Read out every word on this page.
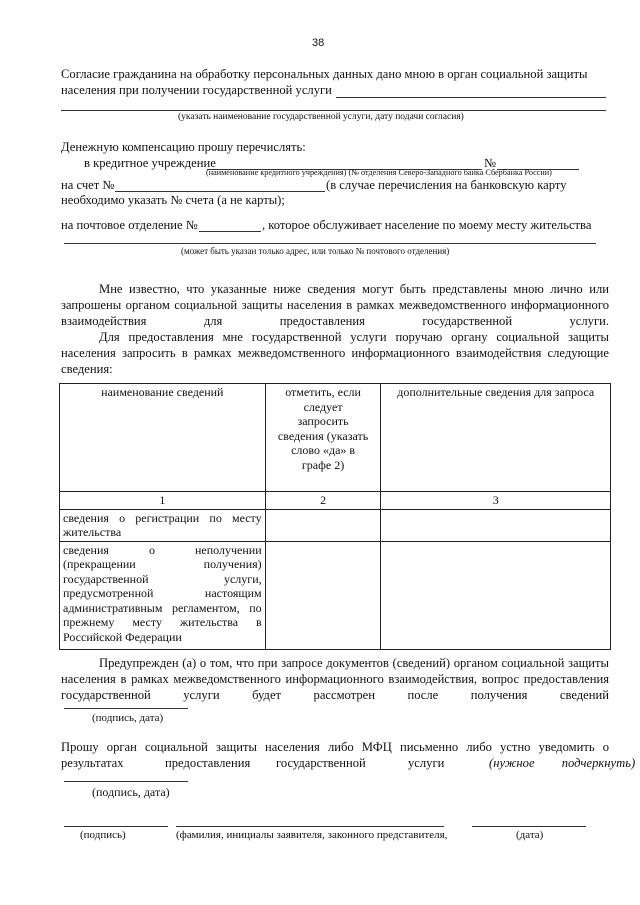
38
Согласие гражданина на обработку персональных данных дано мною в орган социальной защиты
населения при получении государственной услуги
(указать наименование государственной услуги, дату подачи согласия)
Денежную компенсацию прошу перечислять:
в кредитное учреждение	№
(наименование кредитного учреждения) (№ отделения Северо-Западного банка Сбербанка России)
на счет №	(в случае перечисления на банковскую карту
необходимо указать № счета (а не карты);
на почтовое отделение №	, которое обслуживает население по моему месту жительства
(может быть указан только адрес, или только № почтового отделения)
Мне известно, что указанные ниже сведения могут быть представлены мною лично или запрошены органом социальной защиты населения в рамках межведомственного информационного взаимодействия для предоставления государственной услуги.
Для предоставления мне государственной услуги поручаю органу социальной защиты населения запросить в рамках межведомственного информационного взаимодействия следующие сведения:
наименование сведений	отметить, если следует запросить сведения (указать слово «да» в графе 2)	дополнительные сведения для запроса
1	2	3
сведения о регистрации по месту жительства		
сведения о неполучении (прекращении получения) государственной услуги, предусмотренной настоящим административным регламентом, по прежнему месту жительства в Российской Федерации		
Предупрежден (а) о том, что при запросе документов (сведений) органом социальной защиты населения в рамках межведомственного информационного взаимодействия, вопрос предоставления государственной услуги будет рассмотрен после получения сведений
(подпись, дата)
Прошу орган социальной защиты населения либо МФЦ письменно либо устно уведомить о
результатах	предоставления государственной	услуги	(нужное подчеркнуть)
(подпись, дата)
(подпись)	(фамилия, инициалы заявителя, законного представителя,	(дата)
